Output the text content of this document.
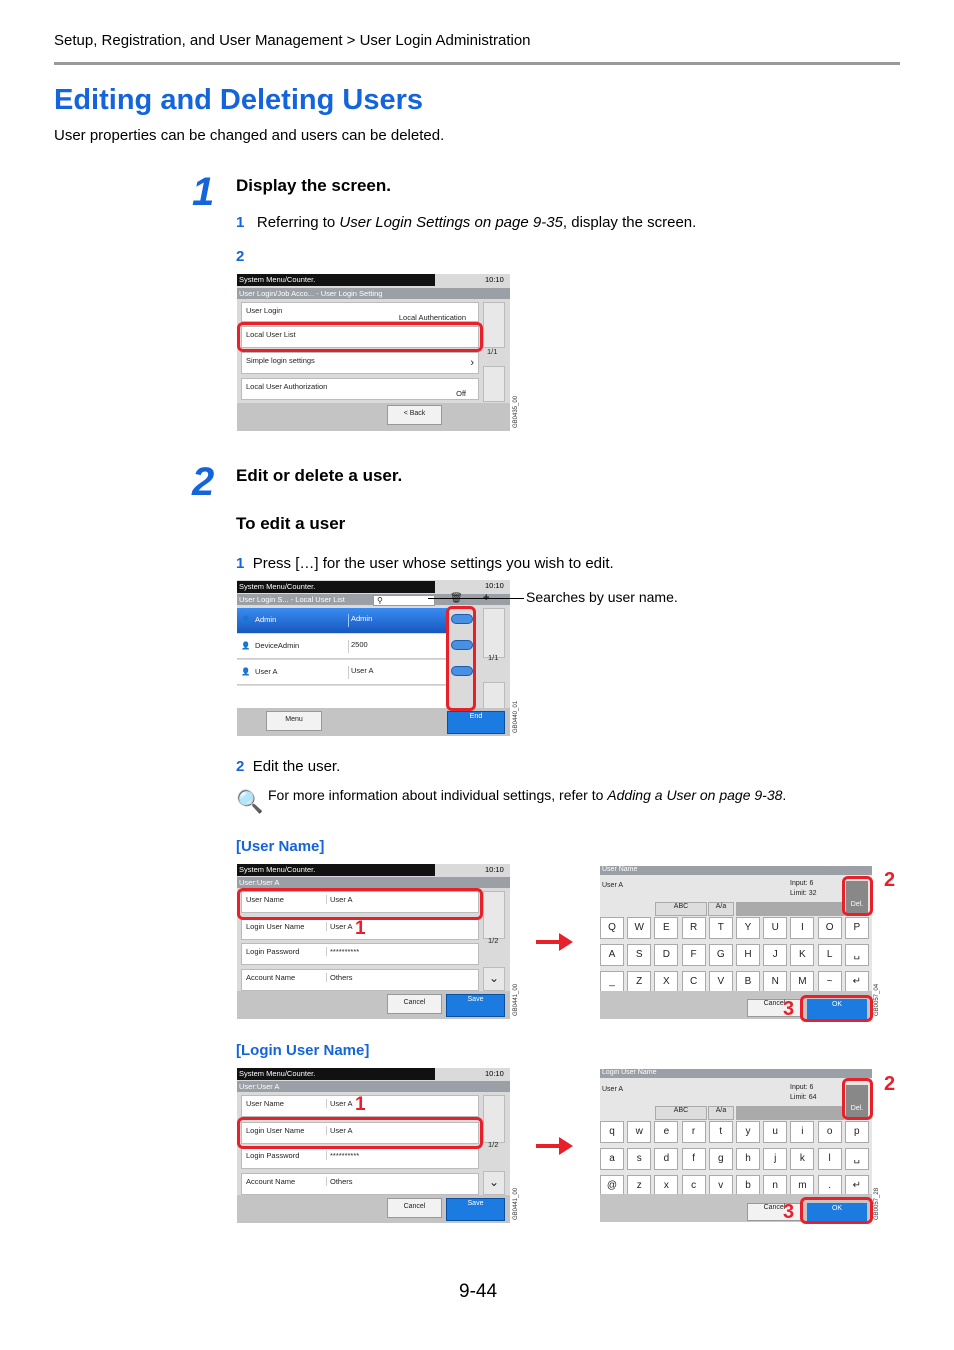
Setup, Registration, and User Management > User Login Administration
Editing and Deleting Users
User properties can be changed and users can be deleted.
1 Display the screen.
1 Referring to User Login Settings on page 9-35, display the screen.
2
System Menu/Counter.	10:10
User Login/Job Acco... - User Login Setting
User Login
Local Authentication
Local User List
Simple login settings	›
Local User Authorization
Off
1/1
< Back	GB0435_00
2 Edit or delete a user.
To edit a user
1 Press […] for the user whose settings you wish to edit.
System Menu/Counter.	10:10
User Login S... - Local User List	⚲
👤 Admin	Admin
👤 DeviceAdmin	2500
👤 User A	User A
1/1
Menu	End
Searches by user name.
GB0440_01
2 Edit the user.
🔍 For more information about individual settings, refer to Adding a User on page 9-38.
[User Name]
System Menu/Counter.	10:10
User:User A
User Name	User A
Login User Name	User A
Login Password	**********
Account Name	Others
1/2
⌄
Cancel	Save
1
GB0441_00
User Name
User A	Input: 6
Limit: 32
Del.
ABC	A/a
Q	W	E	R	T	Y	U	I	O	P
A	S	D	F	G	H	J	K	L	␣
_	Z	X	C	V	B	N	M	~	↵
Cancel	OK
2
3	GB0057_04
[Login User Name]
System Menu/Counter.	10:10
User:User A
User Name	User A
Login User Name	User A
Login Password	**********
Account Name	Others
1/2
⌄
Cancel	Save
1
GB0441_00
Login User Name
User A	Input: 6
Limit: 64
Del.
ABC	A/a
q	w	e	r	t	y	u	i	o	p
a	s	d	f	g	h	j	k	l	␣
@	z	x	c	v	b	n	m	.	↵
Cancel	OK
2
3	GB0057_28
9-44
